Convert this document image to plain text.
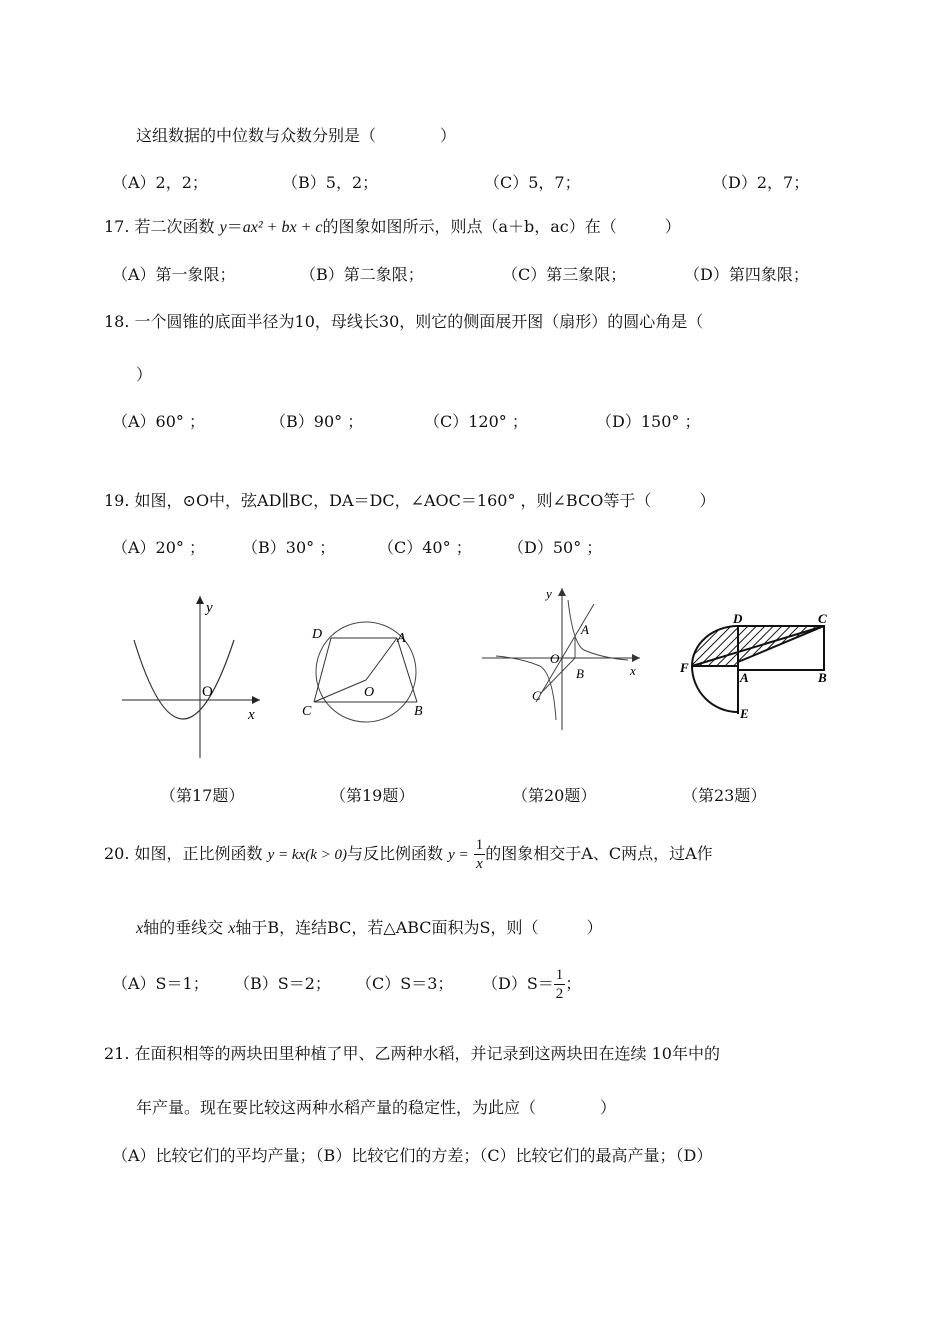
这组数据的中位数与众数分别是（　　　　）
（A）2，2；	（B）5，2；	（C）5，7；	（D）2，7；
17. 若二次函数 y＝ax² + bx + c的图象如图所示，则点（a＋b，ac）在（　　　）
（A）第一象限；	（B）第二象限；	（C）第三象限；	（D）第四象限；
18. 一个圆锥的底面半径为10，母线长30，则它的侧面展开图（扇形）的圆心角是（
）
（A）60° ；	（B）90° ；	（C）120° ；	（D）150° ；
19. 如图，⊙O中，弦AD∥BC，DA＝DC，∠AOC＝160° ，则∠BCO等于（　　　）
（A）20° ； （B）30° ；	（C）40° ； （D）50° ；
y
x
O
D	A
O
C	B
y
x
O
A
B
C
D	C
F
A	B
E
（第17题）	（第19题）	（第20题）	（第23题）
20. 如图，正比例函数 y = kx(k > 0)与反比例函数 $y = \frac{1}{x}$ 的图象相交于A、C两点，过A作
x轴的垂线交 x轴于B，连结BC，若△ABC面积为S，则（　　　）
（A）S＝1； （B）S＝2； （C）S＝3； $(D)S= \frac{1}{2}$ ；
21. 在面积相等的两块田里种植了甲、乙两种水稻，并记录到这两块田在连续 10年中的
年产量。现在要比较这两种水稻产量的稳定性，为此应（　　　　）
（A）比较它们的平均产量；（B）比较它们的方差；（C）比较它们的最高产量；（D）
